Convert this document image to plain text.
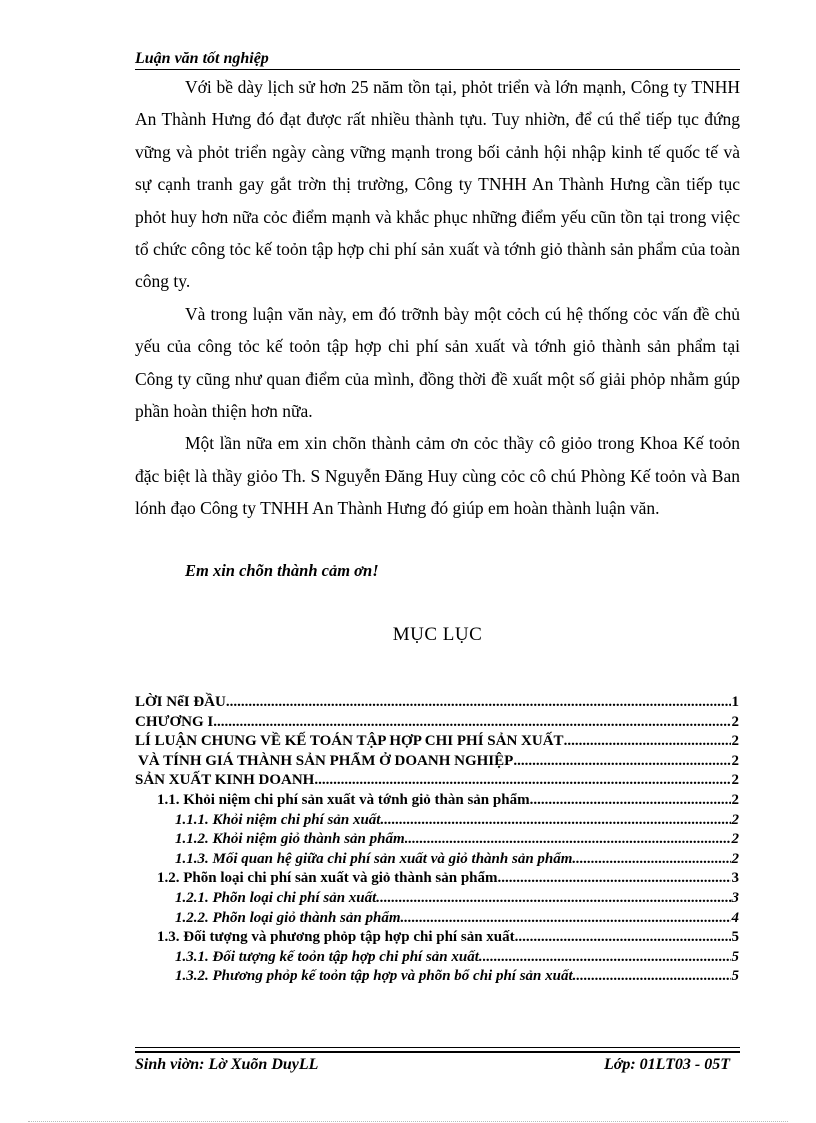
Luận văn tốt nghiệp

Với bề dày lịch sử hơn 25 năm tồn tại, phỏt triển và lớn mạnh, Công ty TNHH An Thành Hưng đó đạt được rất nhiều thành tựu. Tuy nhiờn, để cú thể tiếp tục đứng vững và phỏt triển ngày càng vững mạnh trong bối cảnh hội nhập kinh tế quốc tế và sự cạnh tranh gay gắt trờn thị trường, Công ty TNHH An Thành Hưng cần tiếp tục phỏt huy hơn nữa cỏc điểm mạnh và khắc phục những điểm yếu cũn tồn tại trong việc tổ chức công tỏc kế toỏn tập hợp chi phí sản xuất và tớnh giỏ thành sản phẩm của toàn công ty.

Và trong luận văn này, em đó trỡnh bày một cỏch cú hệ thống cỏc vấn đề chủ yếu của công tỏc kế toỏn tập hợp chi phí sản xuất và tớnh giỏ thành sản phẩm tại Công ty cũng như quan điểm của mình, đồng thời đề xuất một số giải phỏp nhằm gúp phần hoàn thiện hơn nữa.

Một lần nữa em xin chõn thành cảm ơn cỏc thầy cô giỏo trong Khoa Kế toỏn đặc biệt là thầy giỏo Th. S Nguyễn Đăng Huy cùng cỏc cô chú Phòng Kế toỏn và Ban lónh đạo Công ty TNHH An Thành Hưng đó giúp em hoàn thành luận văn.

Em xin chõn thành cảm ơn!
MỤC LỤC
LỜI NểI ĐẦU .....	1
CHƯƠNG I .....	2
LÍ LUẬN CHUNG VỀ KẾ TOÁN TẬP HỢP CHI PHÍ SẢN XUẤT .....	2
VÀ TÍNH GIÁ THÀNH SẢN PHẨM Ở DOANH NGHIỆP .....	2
SẢN XUẤT KINH DOANH .....	2
1.1. Khỏi niệm chi phí sản xuất và tớnh giỏ thàn sản phẩm. .....	2
1.1.1. Khỏi niệm chi phí sản xuất. .....	2
1.1.2. Khỏi niệm giỏ thành sản phẩm .....	2
1.1.3. Mối quan hệ giữa chi phí sản xuất và giỏ thành sản phẩm .....	2
1.2. Phõn loại chi phí sản xuất và giỏ thành sản phẩm .....	3
1.2.1. Phõn loại chi phí sản xuất. .....	3
1.2.2. Phõn loại giỏ thành sản phẩm .....	4
1.3. Đối tượng và phương phỏp tập hợp chi phí sản xuất. .....	5
1.3.1. Đối tượng kế toỏn tập hợp chi phí sản xuất. .....	5
1.3.2. Phương phỏp kế toỏn tập hợp và phõn bổ chi phí sản xuất. .....	5
Sinh viờn: Lờ Xuõn DuyLL	Lớp: 01LT03 - 05T
